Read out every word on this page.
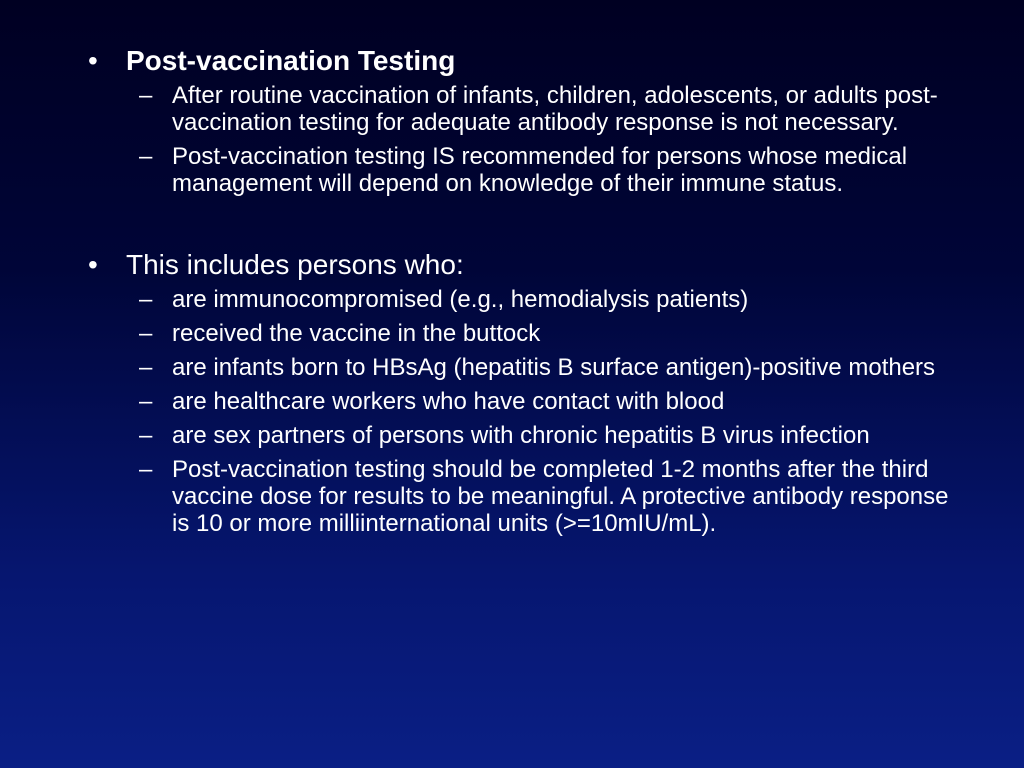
• Post-vaccination Testing
– After routine vaccination of infants, children, adolescents, or adults post-vaccination testing for adequate antibody response is not necessary.
– Post-vaccination testing IS recommended for persons whose medical management will depend on knowledge of their immune status.
• This includes persons who:
– are immunocompromised (e.g., hemodialysis patients)
– received the vaccine in the buttock
– are infants born to HBsAg (hepatitis B surface antigen)-positive mothers
– are healthcare workers who have contact with blood
– are sex partners of persons with chronic hepatitis B virus infection
– Post-vaccination testing should be completed 1-2 months after the third vaccine dose for results to be meaningful. A protective antibody response is 10 or more milliinternational units (>=10mIU/mL).
